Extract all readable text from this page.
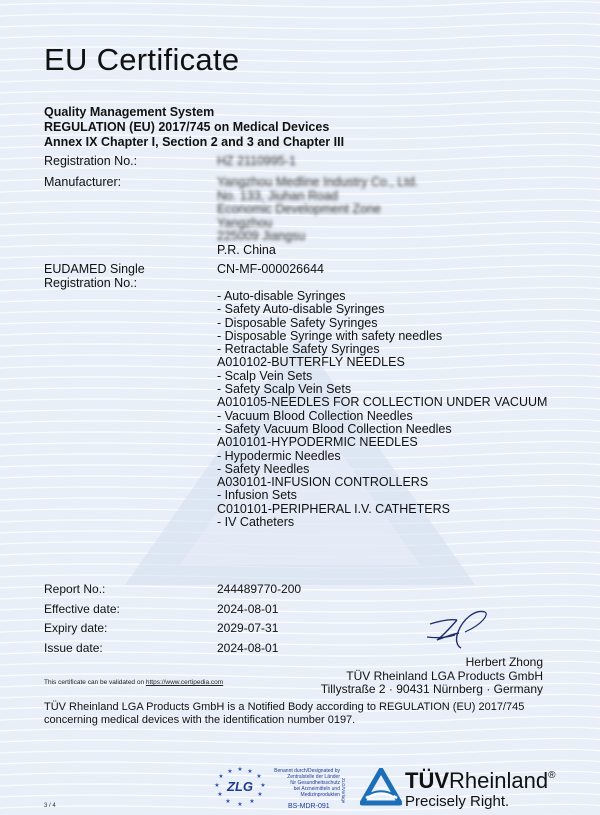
EU Certificate
Quality Management System
REGULATION (EU) 2017/745 on Medical Devices
Annex IX Chapter I, Section 2 and 3 and Chapter III
Registration No.:	HZ 2110995-1
Manufacturer:	Yangzhou Medline Industry Co., Ltd.
No. 133, Jiuhan Road
Economic Development Zone
Yangzhou
225009 Jiangsu
P.R. China
EUDAMED Single
Registration No.:
CN-MF-000026644
- Auto-disable Syringes
- Safety Auto-disable Syringes
- Disposable Safety Syringes
- Disposable Syringe with safety needles
- Retractable Safety Syringes
A010102-BUTTERFLY NEEDLES
- Scalp Vein Sets
- Safety Scalp Vein Sets
A010105-NEEDLES FOR COLLECTION UNDER VACUUM
- Vacuum Blood Collection Needles
- Safety Vacuum Blood Collection Needles
A010101-HYPODERMIC NEEDLES
- Hypodermic Needles
- Safety Needles
A030101-INFUSION CONTROLLERS
- Infusion Sets
C010101-PERIPHERAL I.V. CATHETERS
- IV Catheters
Report No.:	244489770-200
Effective date:	2024-08-01
Expiry date:	2029-07-31
Issue date:	2024-08-01
Herbert Zhong
TÜV Rheinland LGA Products GmbH
Tillystraße 2 · 90431 Nürnberg · Germany
This certificate can be validated on https://www.certipedia.com
TÜV Rheinland LGA Products GmbH is a Notified Body according to REGULATION (EU) 2017/745 concerning medical devices with the identification number 0197.
★
★ ★
★	★
★	★
★	★
★	★
★
ZLG
Benannt durch/Designated by
Zentralstelle der Länder
für Gesundheitsschutz
bei Arzneimitteln und
Medizinprodukten
BS-MDR-091
ZLG/Vorlage	TÜVRheinland®
Precisely Right.
3 / 4
